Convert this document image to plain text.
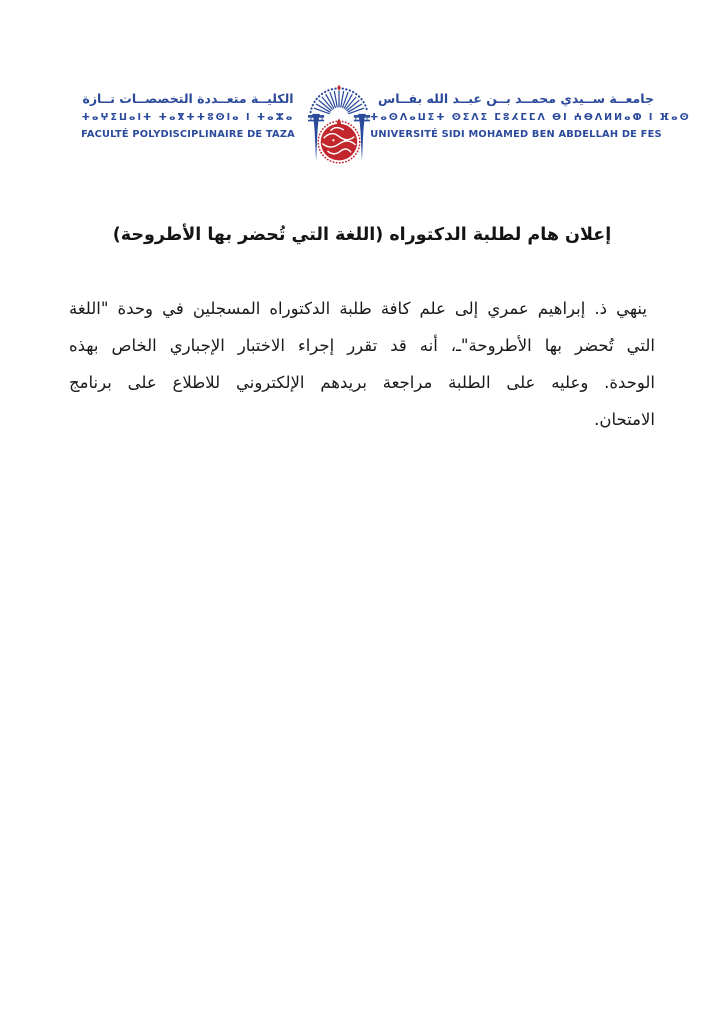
الكليــة متعــددة التخصصــات تــازة
ⵜⴰⵖⵉⵡⴰⵏⵜ ⵜⴰⴳⵜⵜⵓⵙⵏⴰ ⵏ ⵜⴰⵣⴰ
FACULTÉ POLYDISCIPLINAIRE DE TAZA
جامعــة ســيدي محمــد بــن عبــد الله بفــاس
ⵜⴰⵙⴷⴰⵡⵉⵜ ⵙⵉⴷⵉ ⵎⵓⵃⵎⵎⴷ ⴱⵏ ⵄⴱⴷⵍⵍⴰⵀ ⵏ ⴼⴰⵙ
UNIVERSITÉ SIDI MOHAMED BEN ABDELLAH DE FES
إعلان هام لطلبة الدكتوراه (اللغة التي تُحضر بها الأطروحة)

ينهي ذ. إبراهيم عمري إلى علم كافة طلبة الدكتوراه المسجلين في وحدة "اللغة

التي تُحضر بها الأطروحة"ـ، أنه قد تقرر إجراء الاختبار الإجباري الخاص بهذه

الوحدة. وعليه على الطلبة مراجعة بريدهم الإلكتروني للاطلاع على برنامج

الامتحان.
